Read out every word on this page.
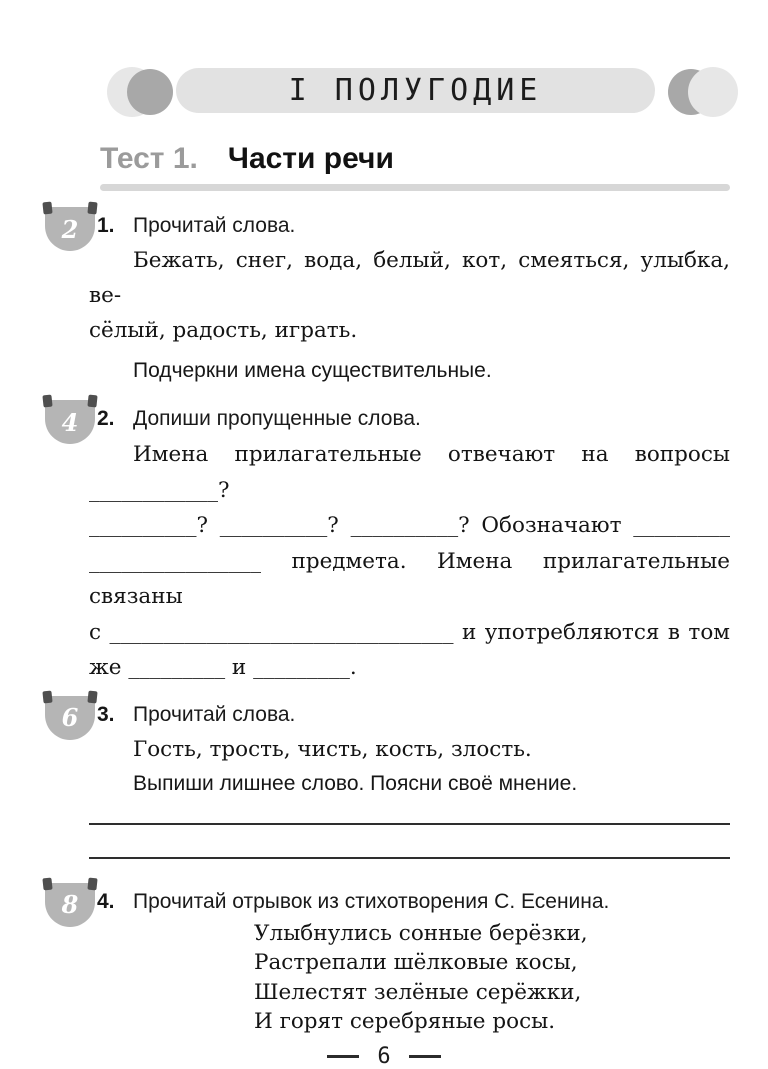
I ПОЛУГОДИЕ
Тест 1. Части речи
2 1. Прочитай слова.
Бежать, снег, вода, белый, кот, смеяться, улыбка, ве-
сёлый, радость, играть.
Подчеркни имена существительные.
4 2. Допиши пропущенные слова.
Имена прилагательные отвечают на вопросы ____________?
__________? __________? __________? Обозначают _________
________________ предмета. Имена прилагательные связаны
с ________________________________ и употребляются в том
же _________ и _________.
6 3. Прочитай слова.
Гость, трость, чисть, кость, злость.
Выпиши лишнее слово. Поясни своё мнение.
8 4. Прочитай отрывок из стихотворения С. Есенина.
Улыбнулись сонные берёзки,
Растрепали шёлковые косы,
Шелестят зелёные серёжки,
И горят серебряные росы.
6
